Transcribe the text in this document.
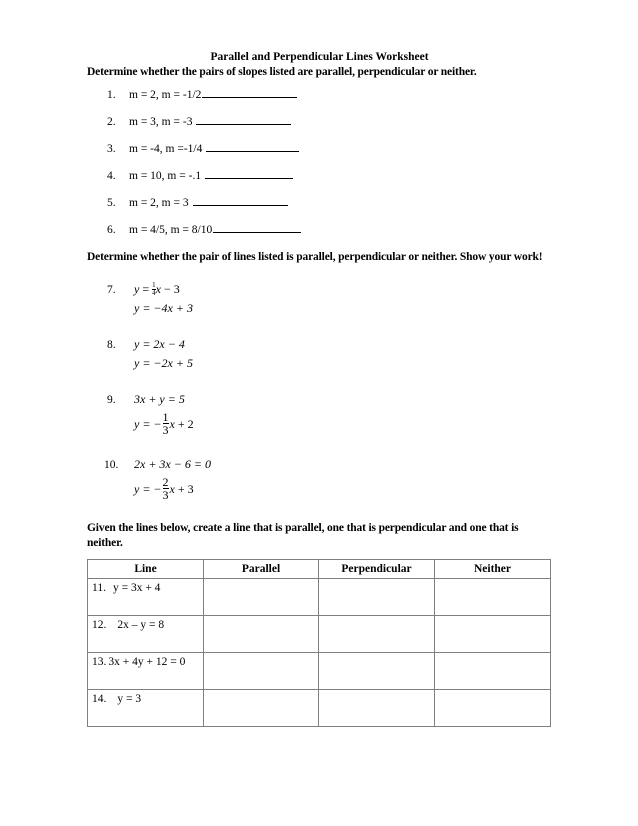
Parallel and Perpendicular Lines Worksheet

Determine whether the pairs of slopes listed are parallel, perpendicular or neither.

1. m = 2, m = -1/2
2. m = 3, m = -3
3. m = -4, m =-1/4
4. m = 10, m = -.1
5. m = 2, m = 3
6. m = 4/5, m = 8/10

Determine whether the pair of lines listed is parallel, perpendicular or neither. Show your work!

7. $y = \frac{1}{4}$ x − 3
y = −4x + 3
8. y = 2x − 4
y = −2x + 5
9. 3x + y = 5
y = − $\frac{1}{3}$ x + 2
10. 2x + 3x − 6 = 0
y = − $\frac{2}{3}$ x + 3

Given the lines below, create a line that is parallel, one that is perpendicular and one that is neither.

Line	Parallel	Perpendicular	Neither
11. y = 3x + 4			
12. 2x – y = 8			
13. 3x + 4y + 12 = 0			
14. y = 3			
